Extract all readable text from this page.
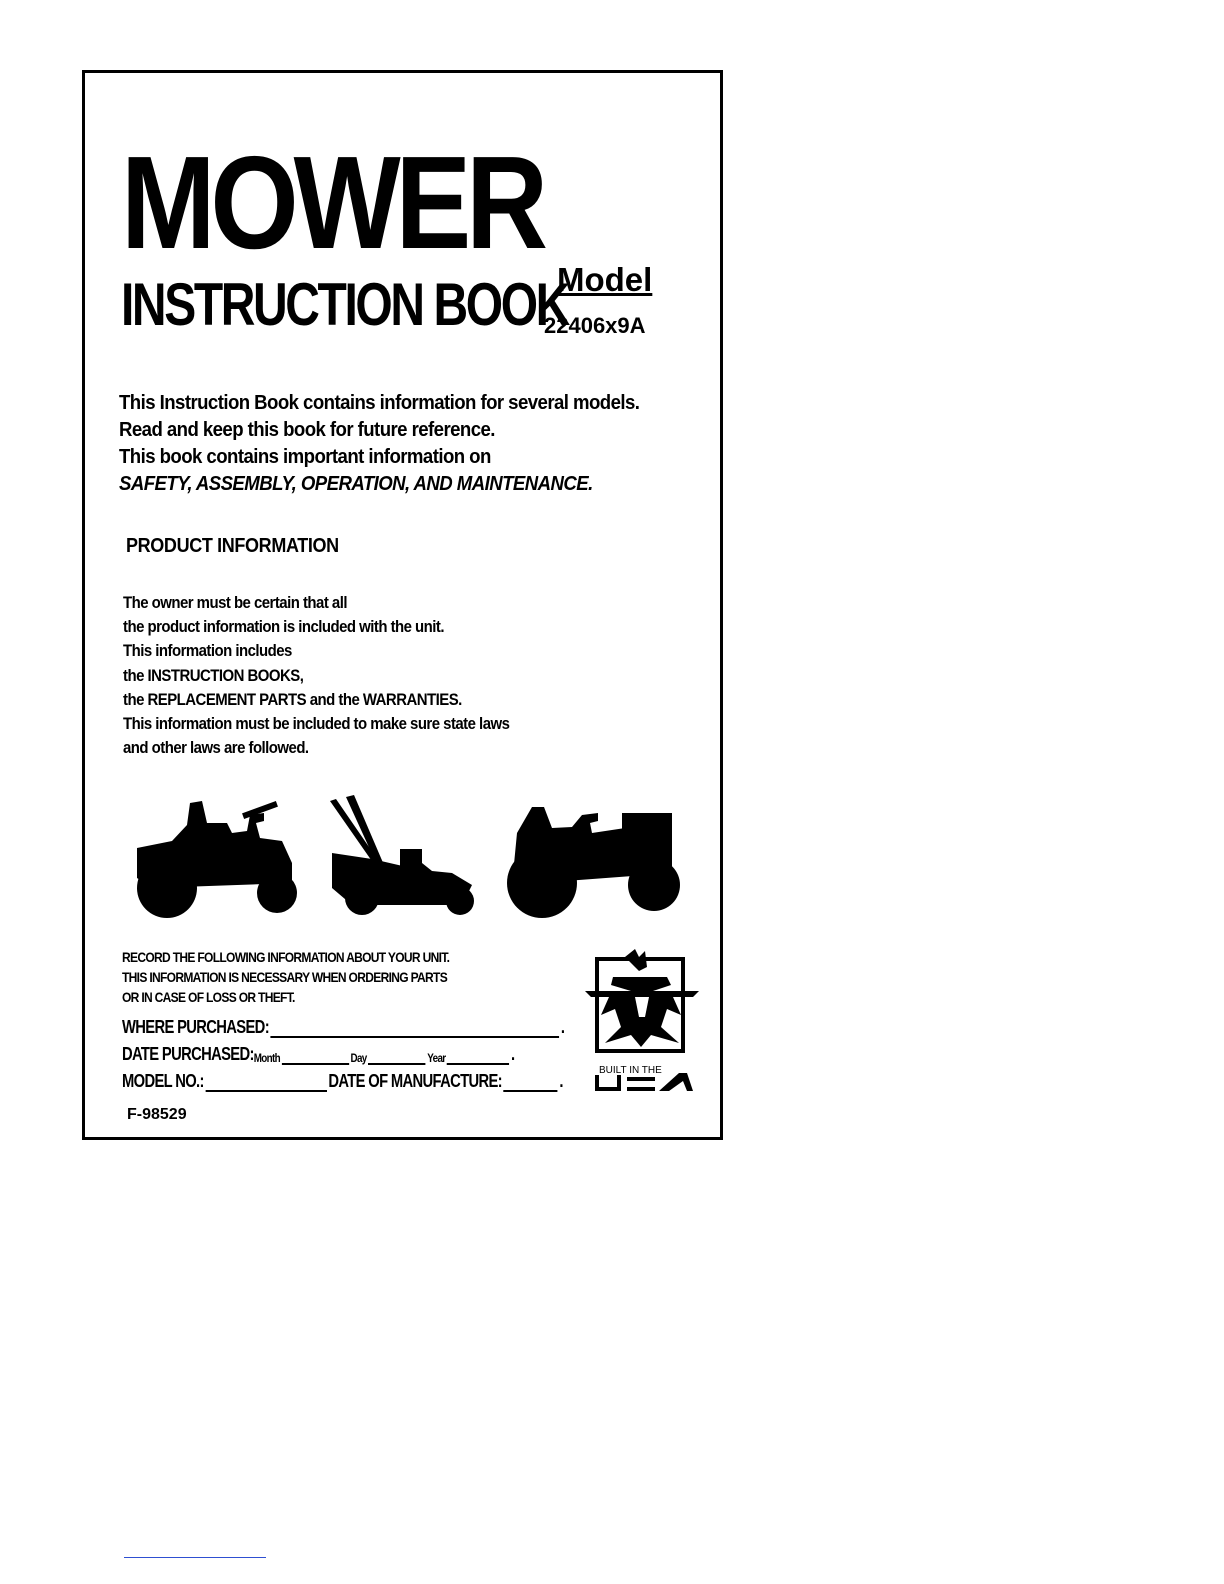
MOWER
INSTRUCTION BOOK
Model
22406x9A
This Instruction Book contains information for several models.
Read and keep this book for future reference.
This book contains important information on
SAFETY, ASSEMBLY, OPERATION, AND MAINTENANCE.
PRODUCT INFORMATION
The owner must be certain that all
the product information is included with the unit.
This information includes
the INSTRUCTION BOOKS,
the REPLACEMENT PARTS and the WARRANTIES.
This information must be included to make sure state laws
and other laws are followed.
RECORD THE FOLLOWING INFORMATION ABOUT YOUR UNIT.
THIS INFORMATION IS NECESSARY WHEN ORDERING PARTS
OR IN CASE OF LOSS OR THEFT.
WHERE PURCHASED:	.
DATE PURCHASED: Month	Day	Year	.
MODEL NO.:	DATE OF MANUFACTURE:	.
F-98529
BUILT IN THE
